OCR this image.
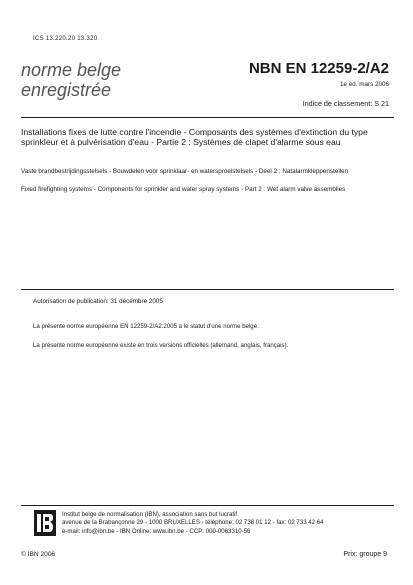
ICS 13.220.20 13.320
norme belge
enregistrée
NBN EN 12259-2/A2
1e éd. mars 2006
Indice de classement: S 21
Installations fixes de lutte contre l'incendie - Composants des systèmes d'extinction du type sprinkleur et à pulvérisation d'eau - Partie 2 : Systèmes de clapet d'alarme sous eau
Vaste brandbestrijdingsstelsels - Bouwdelen voor sprinklaar- en watersproeistelsels - Deel 2 : Natalarmkleppenstellen
Fixed firefighting systems - Components for sprinkler and water spray systems - Part 2 : Wet alarm valve assemblies
Autorisation de publication: 31 décembre 2005
La présente norme européenne EN 12259-2/A2:2005 a le statut d'une norme belge.
La présente norme européenne existe en trois versions officielles (allemand, anglais, français).
Institut belge de normalisation (IBN), association sans but lucratif
avenue de la Brabançonne 29 - 1000 BRUXELLES - téléphone: 02 738 01 12 - fax: 02 733 42 64
e-mail: info@ibn.be - IBN Online: www.ibn.be - CCP: 000-0063310-56
© IBN 2006	Prix: groupe 9
